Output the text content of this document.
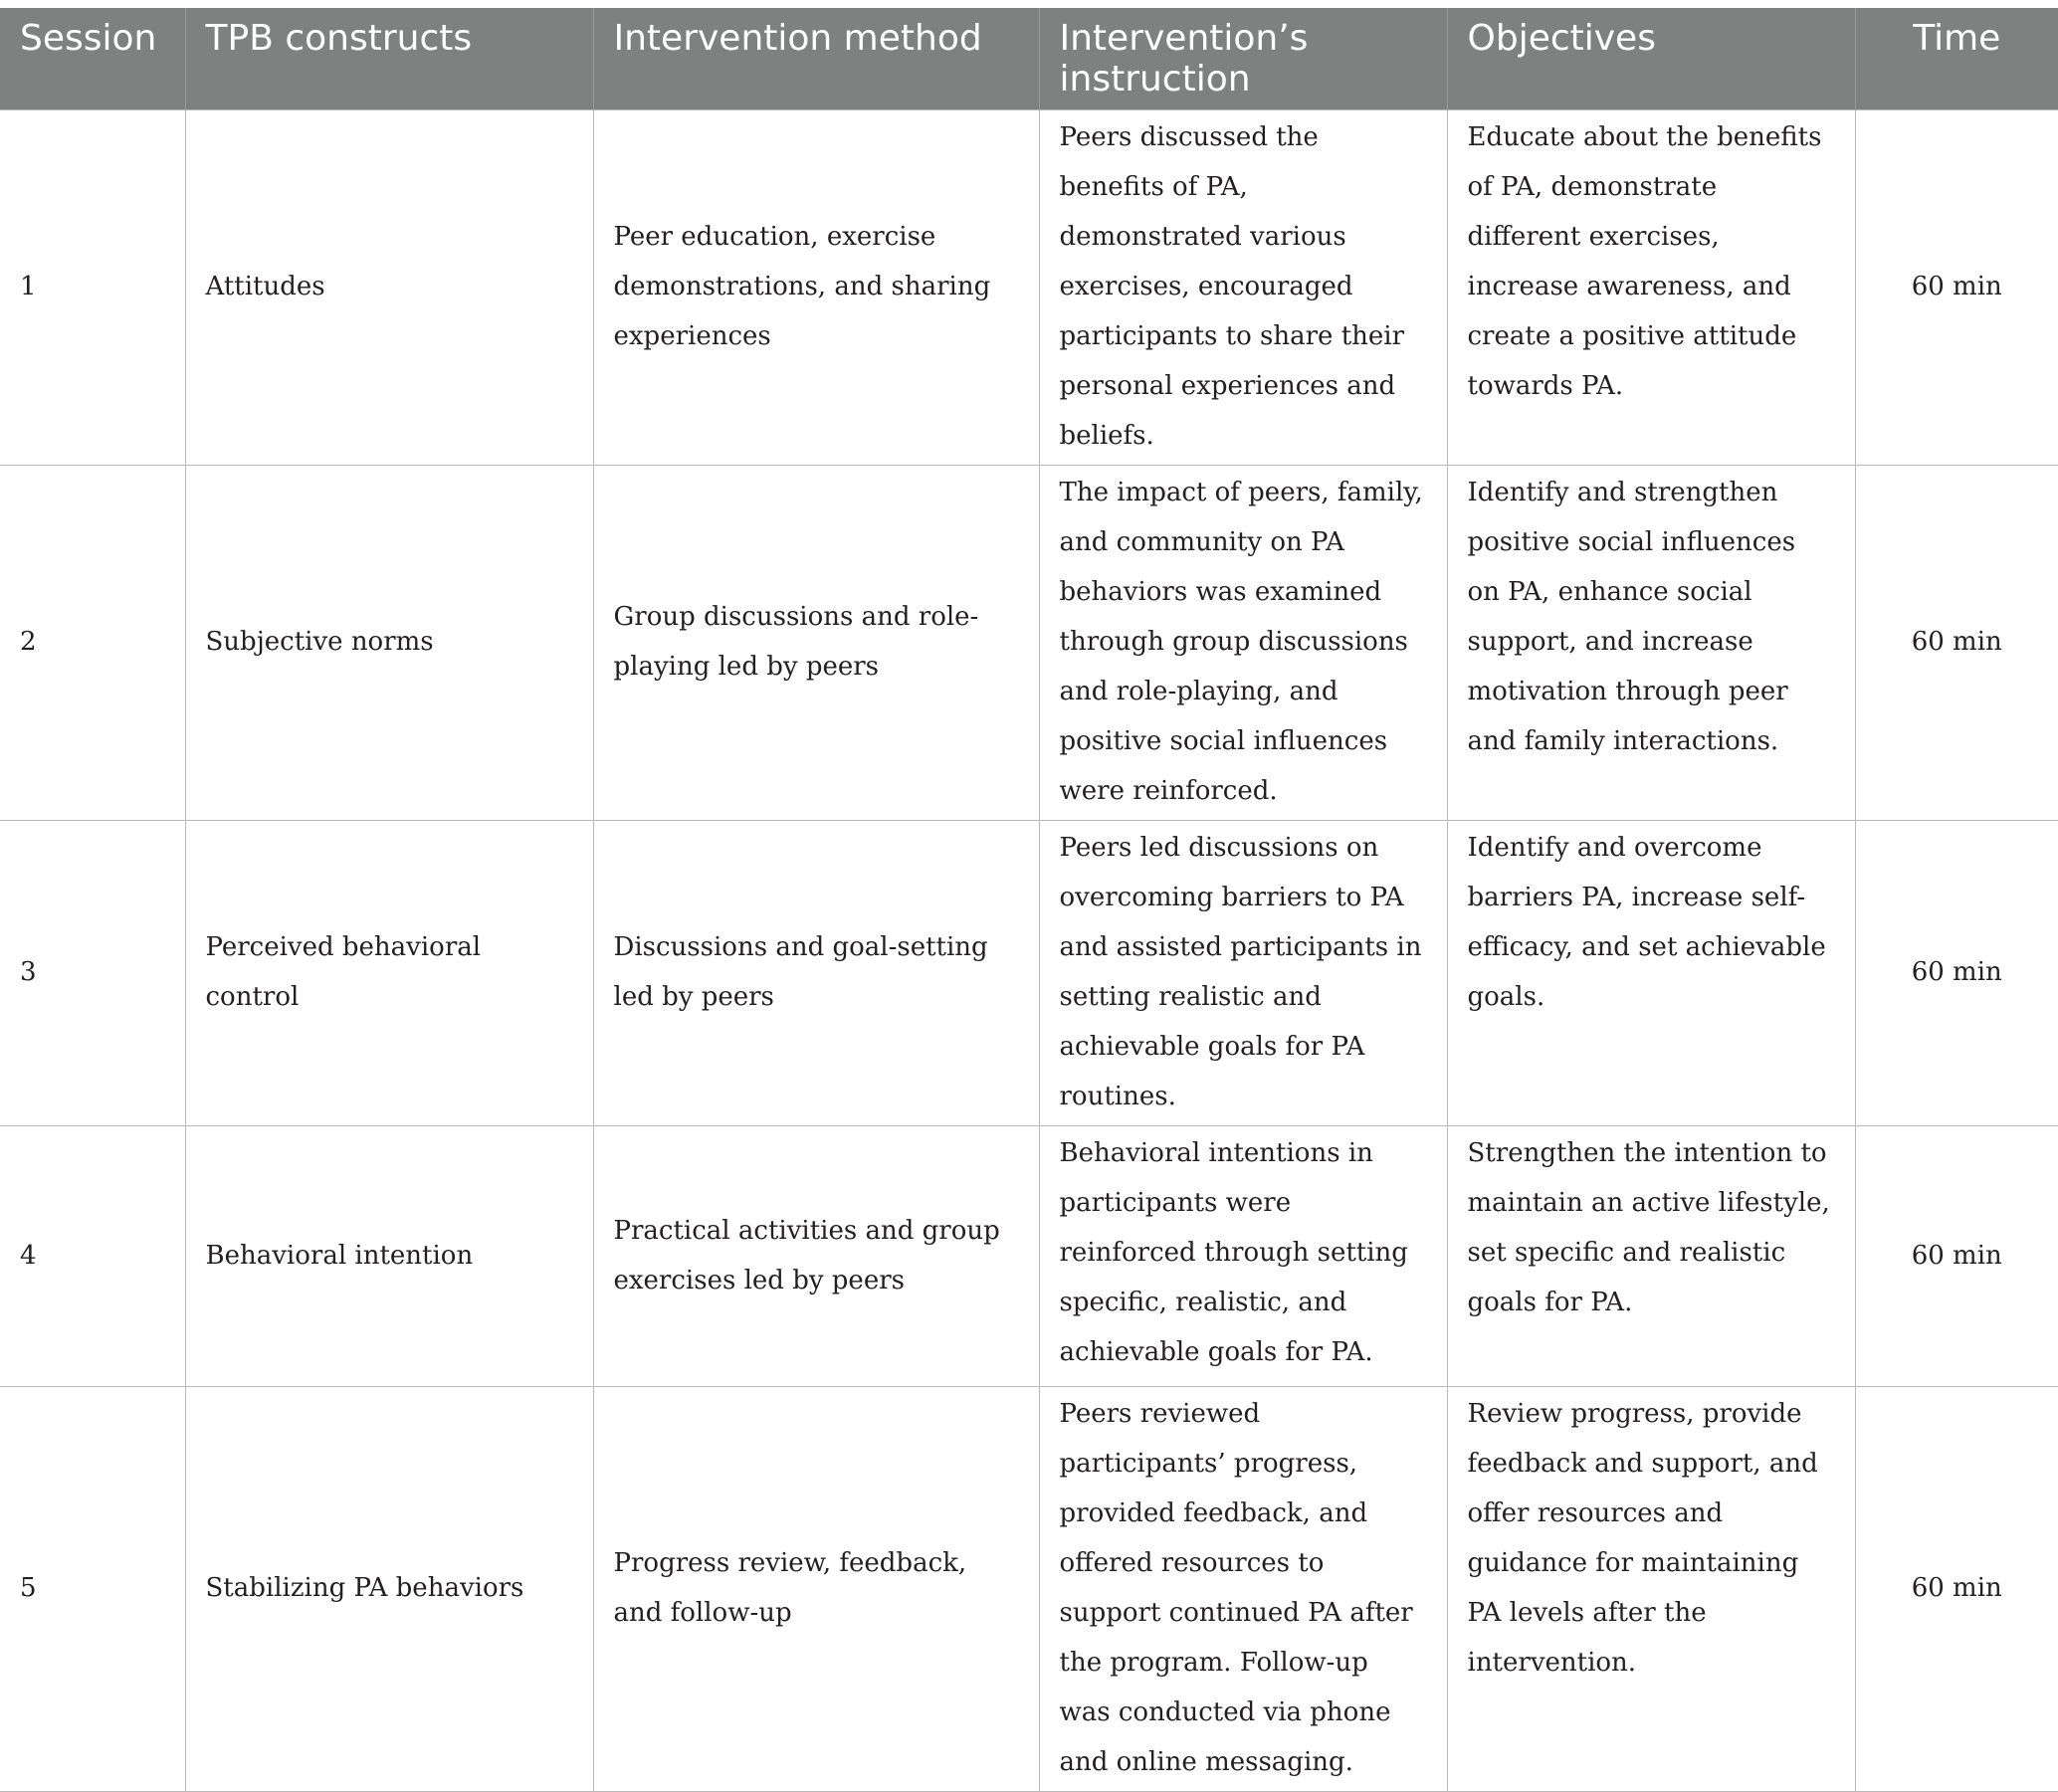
Session	TPB constructs	Intervention method	Intervention’s instruction	Objectives	Time
1	Attitudes	Peer education, exercise demonstrations, and sharing experiences	Peers discussed the benefits of PA, demonstrated various exercises, encouraged participants to share their personal experiences and beliefs.	Educate about the benefits of PA, demonstrate different exercises, increase awareness, and create a positive attitude towards PA.	60 min
2	Subjective norms	Group discussions and role-playing led by peers	The impact of peers, family, and community on PA behaviors was examined through group discussions and role-playing, and positive social influences were reinforced.	Identify and strengthen positive social influences on PA, enhance social support, and increase motivation through peer and family interactions.	60 min
3	Perceived behavioral control	Discussions and goal-setting led by peers	Peers led discussions on overcoming barriers to PA and assisted participants in setting realistic and achievable goals for PA routines.	Identify and overcome barriers PA, increase self-efficacy, and set achievable goals.	60 min
4	Behavioral intention	Practical activities and group exercises led by peers	Behavioral intentions in participants were reinforced through setting specific, realistic, and achievable goals for PA.	Strengthen the intention to maintain an active lifestyle, set specific and realistic goals for PA.	60 min
5	Stabilizing PA behaviors	Progress review, feedback, and follow-up	Peers reviewed participants’ progress, provided feedback, and offered resources to support continued PA after the program. Follow-up was conducted via phone and online messaging.	Review progress, provide feedback and support, and offer resources and guidance for maintaining PA levels after the intervention.	60 min
